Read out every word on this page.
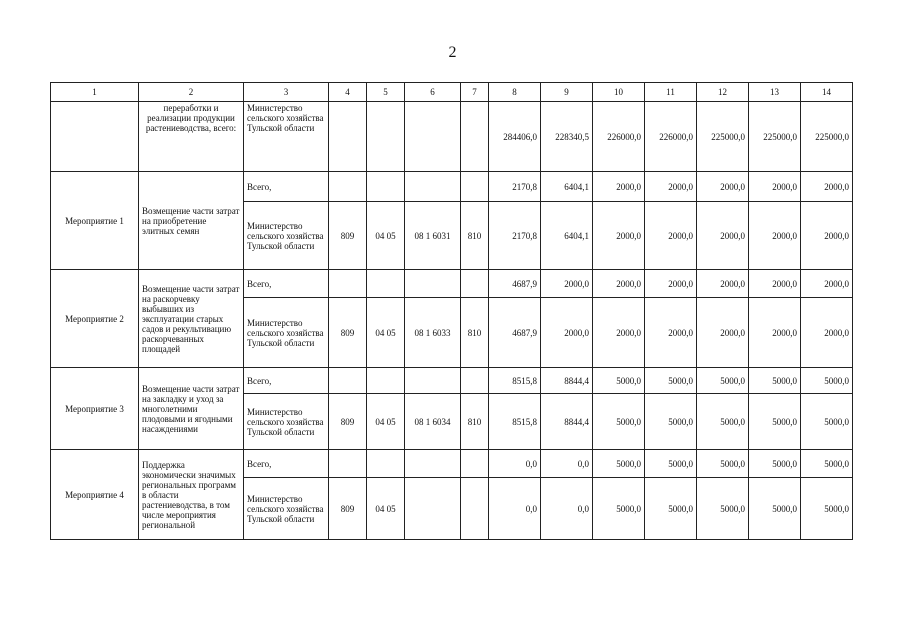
2
1	2	3	4	5	6	7	8	9	10	11	12	13	14
	переработки и реализации продукции растениеводства, всего:	Министерство сельского хозяйства Тульской области					284406,0	228340,5	226000,0	226000,0	225000,0	225000,0	225000,0
Мероприятие 1	Возмещение части затрат на приобретение элитных семян	Всего,					2170,8	6404,1	2000,0	2000,0	2000,0	2000,0	2000,0
		Министерство сельского хозяйства Тульской области	809	04 05	08 1 6031	810	2170,8	6404,1	2000,0	2000,0	2000,0	2000,0	2000,0
Мероприятие 2	Возмещение части затрат на раскорчевку выбывших из эксплуатации старых садов и рекультивацию раскорчеванных площадей	Всего,					4687,9	2000,0	2000,0	2000,0	2000,0	2000,0	2000,0
		Министерство сельского хозяйства Тульской области	809	04 05	08 1 6033	810	4687,9	2000,0	2000,0	2000,0	2000,0	2000,0	2000,0
Мероприятие 3	Возмещение части затрат на закладку и уход за многолетними плодовыми и ягодными насаждениями	Всего,					8515,8	8844,4	5000,0	5000,0	5000,0	5000,0	5000,0
		Министерство сельского хозяйства Тульской области	809	04 05	08 1 6034	810	8515,8	8844,4	5000,0	5000,0	5000,0	5000,0	5000,0
Мероприятие 4	Поддержка экономически значимых региональных программ в области растениеводства, в том числе мероприятия региональной	Всего,					0,0	0,0	5000,0	5000,0	5000,0	5000,0	5000,0
		Министерство сельского хозяйства Тульской области	809	04 05			0,0	0,0	5000,0	5000,0	5000,0	5000,0	5000,0
